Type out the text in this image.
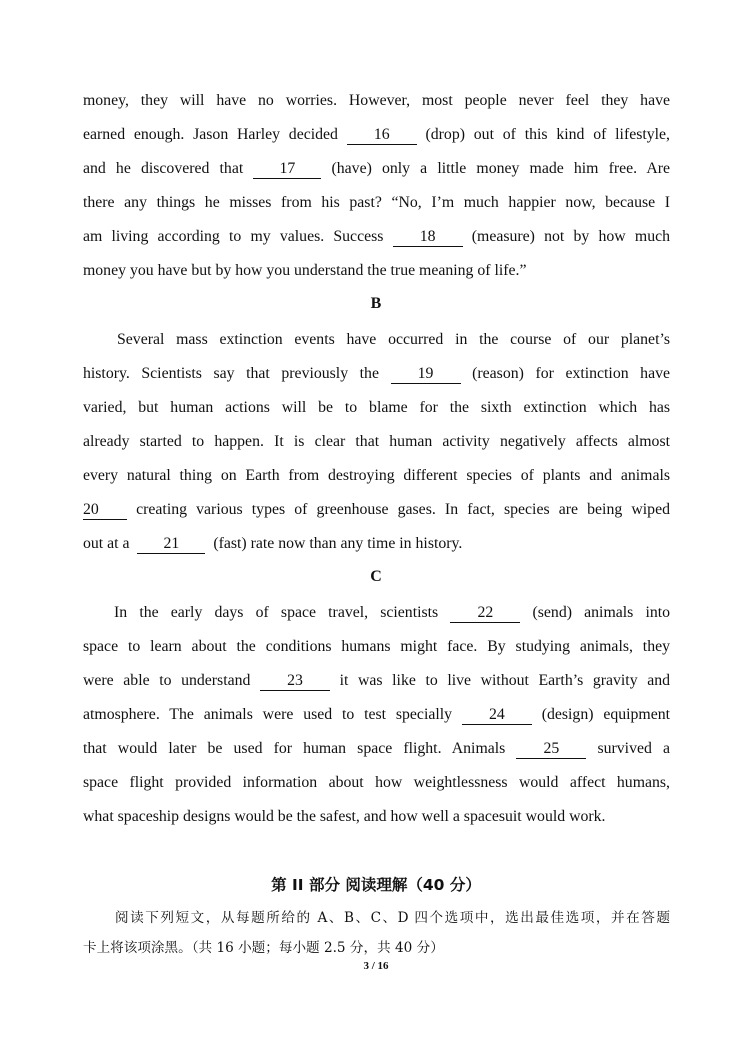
money, they will have no worries. However, most people never feel they have
earned enough. Jason Harley decided 16 (drop) out of this kind of lifestyle,
and he discovered that 17 (have) only a little money made him free. Are
there any things he misses from his past? “No, I’m much happier now, because I
am living according to my values. Success 18 (measure) not by how much
money you have but by how you understand the true meaning of life.”
B
Several mass extinction events have occurred in the course of our planet’s
history. Scientists say that previously the 19 (reason) for extinction have
varied, but human actions will be to blame for the sixth extinction which has
already started to happen. It is clear that human activity negatively affects almost
every natural thing on Earth from destroying different species of plants and animals
20 creating various types of greenhouse gases. In fact, species are being wiped
out at a 21 (fast) rate now than any time in history.
C
In the early days of space travel, scientists 22 (send) animals into
space to learn about the conditions humans might face. By studying animals, they
were able to understand 23 it was like to live without Earth’s gravity and
atmosphere. The animals were used to test specially 24 (design) equipment
that would later be used for human space flight. Animals 25 survived a
space flight provided information about how weightlessness would affect humans,
what spaceship designs would be the safest, and how well a spacesuit would work.
第 II 部分 阅读理解（40 分）
阅读下列短文，从每题所给的 A、B、C、D 四个选项中，选出最佳选项，并在答题
卡上将该项涂黑。（共 16 小题；每小题 2.5 分，共 40 分）
3 / 16
